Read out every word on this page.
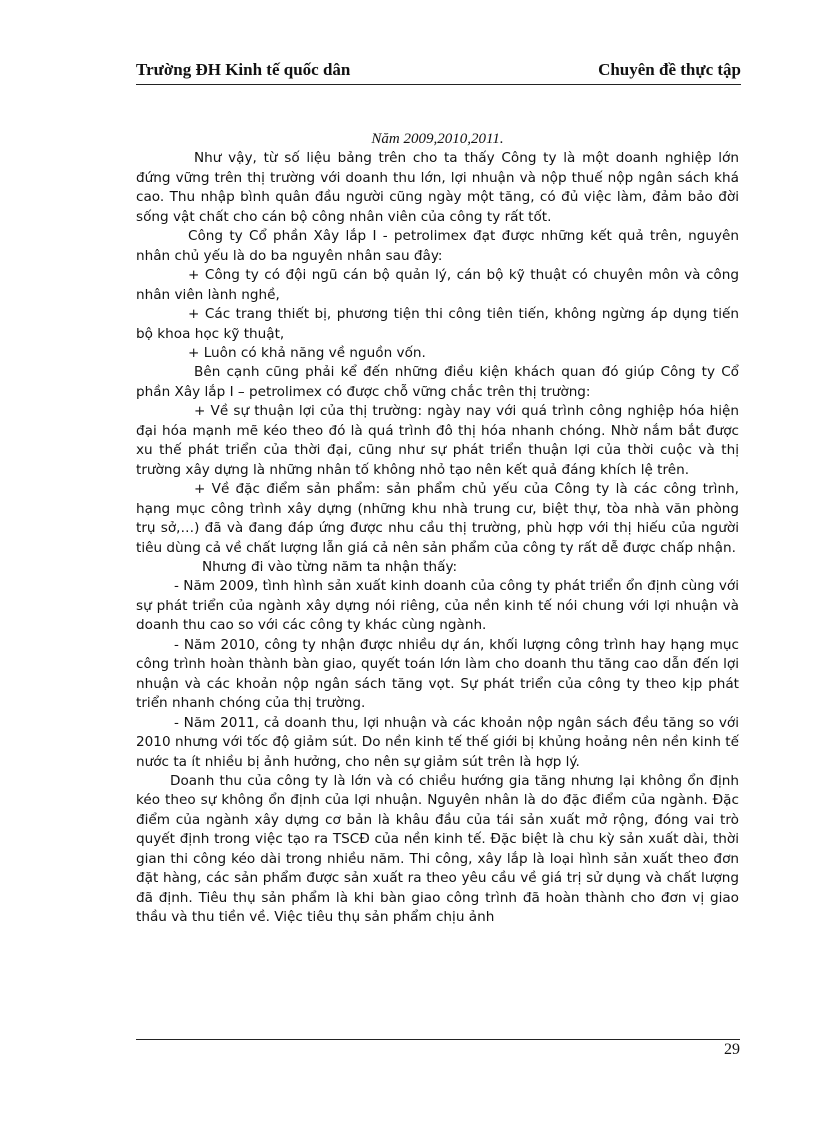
Trường ĐH Kinh tế quốc dân	Chuyên đề thực tập

Năm 2009,2010,2011.

Như vậy, từ số liệu bảng trên cho ta thấy Công ty là một doanh nghiệp lớn đứng vững trên thị trường với doanh thu lớn, lợi nhuận và nộp thuế nộp ngân sách khá cao. Thu nhập bình quân đầu người cũng ngày một tăng, có đủ việc làm, đảm bảo đời sống vật chất cho cán bộ công nhân viên của công ty rất tốt.

Công ty Cổ phần Xây lắp I - petrolimex đạt được những kết quả trên, nguyên nhân chủ yếu là do ba nguyên nhân sau đây:

+ Công ty có đội ngũ cán bộ quản lý, cán bộ kỹ thuật có chuyên môn và công nhân viên lành nghề,

+ Các trang thiết bị, phương tiện thi công tiên tiến, không ngừng áp dụng tiến bộ khoa học kỹ thuật,

+ Luôn có khả năng về nguồn vốn.

Bên cạnh cũng phải kể đến những điều kiện khách quan đó giúp Công ty Cổ phần Xây lắp I – petrolimex có được chỗ vững chắc trên thị trường:

+ Về sự thuận lợi của thị trường: ngày nay với quá trình công nghiệp hóa hiện đại hóa mạnh mẽ kéo theo đó là quá trình đô thị hóa nhanh chóng. Nhờ nắm bắt được xu thế phát triển của thời đại, cũng như sự phát triển thuận lợi của thời cuộc và thị trường xây dựng là những nhân tố không nhỏ tạo nên kết quả đáng khích lệ trên.

+ Về đặc điểm sản phẩm: sản phẩm chủ yếu của Công ty là các công trình, hạng mục công trình xây dựng (những khu nhà trung cư, biệt thự, tòa nhà văn phòng trụ sở,…) đã và đang đáp ứng được nhu cầu thị trường, phù hợp với thị hiếu của người tiêu dùng cả về chất lượng lẫn giá cả nên sản phẩm của công ty rất dễ được chấp nhận.

Nhưng đi vào từng năm ta nhận thấy:

- Năm 2009, tình hình sản xuất kinh doanh của công ty phát triển ổn định cùng với sự phát triển của ngành xây dựng nói riêng, của nền kinh tế nói chung với lợi nhuận và doanh thu cao so với các công ty khác cùng ngành.

- Năm 2010, công ty nhận được nhiều dự án, khối lượng công trình hay hạng mục công trình hoàn thành bàn giao, quyết toán lớn làm cho doanh thu tăng cao dẫn đến lợi nhuận và các khoản nộp ngân sách tăng vọt. Sự phát triển của công ty theo kịp phát triển nhanh chóng của thị trường.

- Năm 2011, cả doanh thu, lợi nhuận và các khoản nộp ngân sách đều tăng so với 2010 nhưng với tốc độ giảm sút. Do nền kinh tế thế giới bị khủng hoảng nên nền kinh tế nước ta ít nhiều bị ảnh hưởng, cho nên sự giảm sút trên là hợp lý.

Doanh thu của công ty là lớn và có chiều hướng gia tăng nhưng lại không ổn định kéo theo sự không ổn định của lợi nhuận. Nguyên nhân là do đặc điểm của ngành. Đặc điểm của ngành xây dựng cơ bản là khâu đầu của tái sản xuất mở rộng, đóng vai trò quyết định trong việc tạo ra TSCĐ của nền kinh tế. Đặc biệt là chu kỳ sản xuất dài, thời gian thi công kéo dài trong nhiều năm. Thi công, xây lắp là loại hình sản xuất theo đơn đặt hàng, các sản phẩm được sản xuất ra theo yêu cầu về giá trị sử dụng và chất lượng đã định. Tiêu thụ sản phẩm là khi bàn giao công trình đã hoàn thành cho đơn vị giao thầu và thu tiền về. Việc tiêu thụ sản phẩm chịu ảnh

29
